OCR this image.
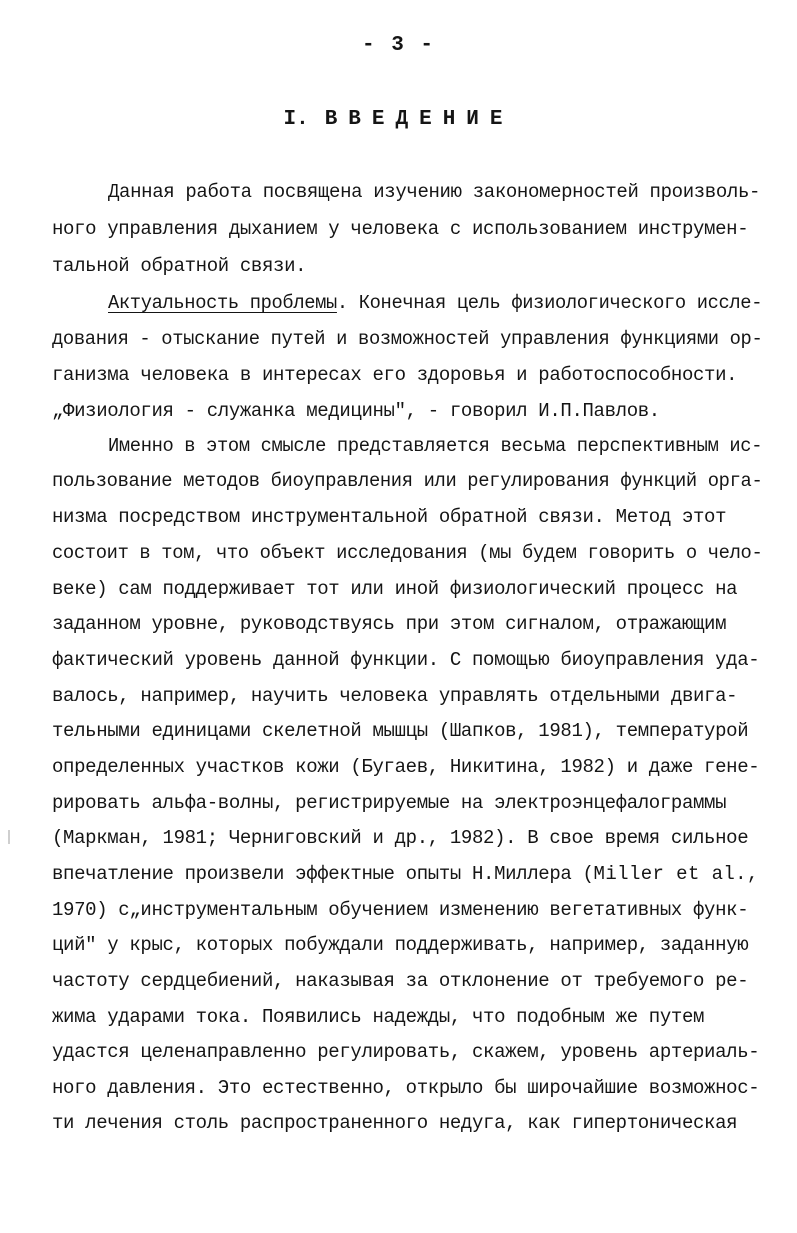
- 3 -
I. ВВЕДЕНИЕ
Данная работа посвящена изучению закономерностей произволь-
ного управления дыханием у человека с использованием инструмен-
тальной обратной связи.
Актуальность проблемы. Конечная цель физиологического иссле-
дования - отыскание путей и возможностей управления функциями ор-
ганизма человека в интересах его здоровья и работоспособности.
„Физиология - служанка медицины", - говорил И.П.Павлов.
Именно в этом смысле представляется весьма перспективным ис-
пользование методов биоуправления или регулирования функций орга-
низма посредством инструментальной обратной связи. Метод этот
состоит в том, что объект исследования (мы будем говорить о чело-
веке) сам поддерживает тот или иной физиологический процесс на
заданном уровне, руководствуясь при этом сигналом, отражающим
фактический уровень данной функции. С помощью биоуправления уда-
валось, например, научить человека управлять отдельными двига-
тельными единицами скелетной мышцы (Шапков, 1981), температурой
определенных участков кожи (Бугаев, Никитина, 1982) и даже гене-
рировать альфа-волны, регистрируемые на электроэнцефалограммы
(Маркман, 1981; Черниговский и др., 1982). В свое время сильное
впечатление произвели эффектные опыты Н.Миллера (Miller et al.,
1970) с„инструментальным обучением изменению вегетативных функ-
ций" у крыс, которых побуждали поддерживать, например, заданную
частоту сердцебиений, наказывая за отклонение от требуемого ре-
жима ударами тока. Появились надежды, что подобным же путем
удастся целенаправленно регулировать, скажем, уровень артериаль-
ного давления. Это естественно, открыло бы широчайшие возможнос-
ти лечения столь распространенного недуга, как гипертоническая
